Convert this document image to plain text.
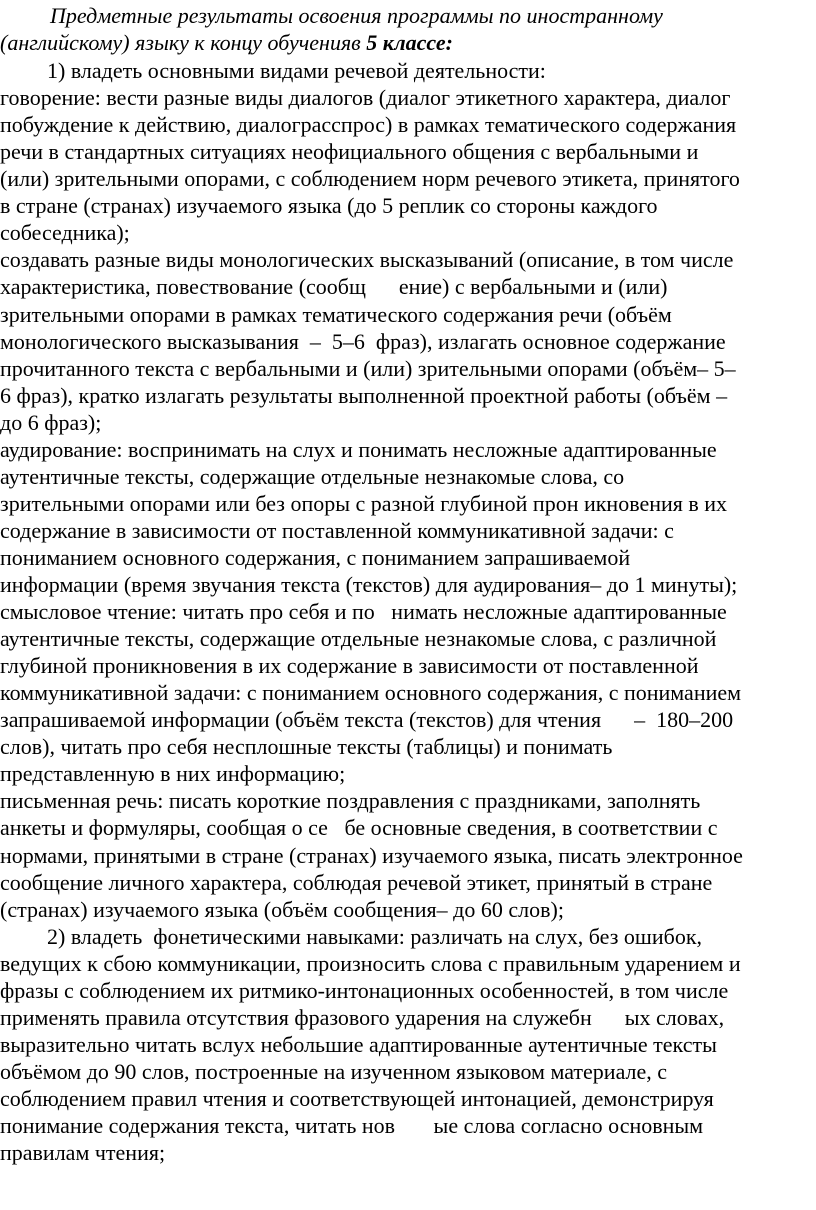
Предметные результаты освоения программы по иностранному
(английскому) языку к концу обученияв 5 классе:
1) владеть основными видами речевой деятельности:
говорение: вести разные виды диалогов (диалог этикетного характера, диалог
побуждение к действию, диалограсспрос) в рамках тематического содержания
речи в стандартных ситуациях неофициального общения с вербальными и
(или) зрительными опорами, с соблюдением норм речевого этикета, принятого
в стране (странах) изучаемого языка (до 5 реплик со стороны каждого
собеседника);
создавать разные виды монологических высказываний (описание, в том числе
характеристика, повествование (сообщ      ение) с вербальными и (или)
зрительными опорами в рамках тематического содержания речи (объём
монологического высказывания  –  5–6  фраз), излагать основное содержание
прочитанного текста с вербальными и (или) зрительными опорами (объём– 5–
6 фраз), кратко излагать результаты выполненной проектной работы (объём –
до 6 фраз);
аудирование: воспринимать на слух и понимать несложные адаптированные
аутентичные тексты, содержащие отдельные незнакомые слова, со
зрительными опорами или без опоры с разной глубиной прон икновения в их
содержание в зависимости от поставленной коммуникативной задачи: с
пониманием основного содержания, с пониманием запрашиваемой
информации (время звучания текста (текстов) для аудирования– до 1 минуты);
смысловое чтение: читать про себя и по   нимать несложные адаптированные
аутентичные тексты, содержащие отдельные незнакомые слова, с различной
глубиной проникновения в их содержание в зависимости от поставленной
коммуникативной задачи: с пониманием основного содержания, с пониманием
запрашиваемой информации (объём текста (текстов) для чтения      –  180–200
слов), читать про себя несплошные тексты (таблицы) и понимать
представленную в них информацию;
письменная речь: писать короткие поздравления с праздниками, заполнять
анкеты и формуляры, сообщая о се   бе основные сведения, в соответствии с
нормами, принятыми в стране (странах) изучаемого языка, писать электронное
сообщение личного характера, соблюдая речевой этикет, принятый в стране
(странах) изучаемого языка (объём сообщения– до 60 слов);
2) владеть  фонетическими навыками: различать на слух, без ошибок,
ведущих к сбою коммуникации, произносить слова с правильным ударением и
фразы с соблюдением их ритмико-интонационных особенностей, в том числе
применять правила отсутствия фразового ударения на служебн      ых словах,
выразительно читать вслух небольшие адаптированные аутентичные тексты
объёмом до 90 слов, построенные на изученном языковом материале, с
соблюдением правил чтения и соответствующей интонацией, демонстрируя
понимание содержания текста, читать нов       ые слова согласно основным
правилам чтения;
